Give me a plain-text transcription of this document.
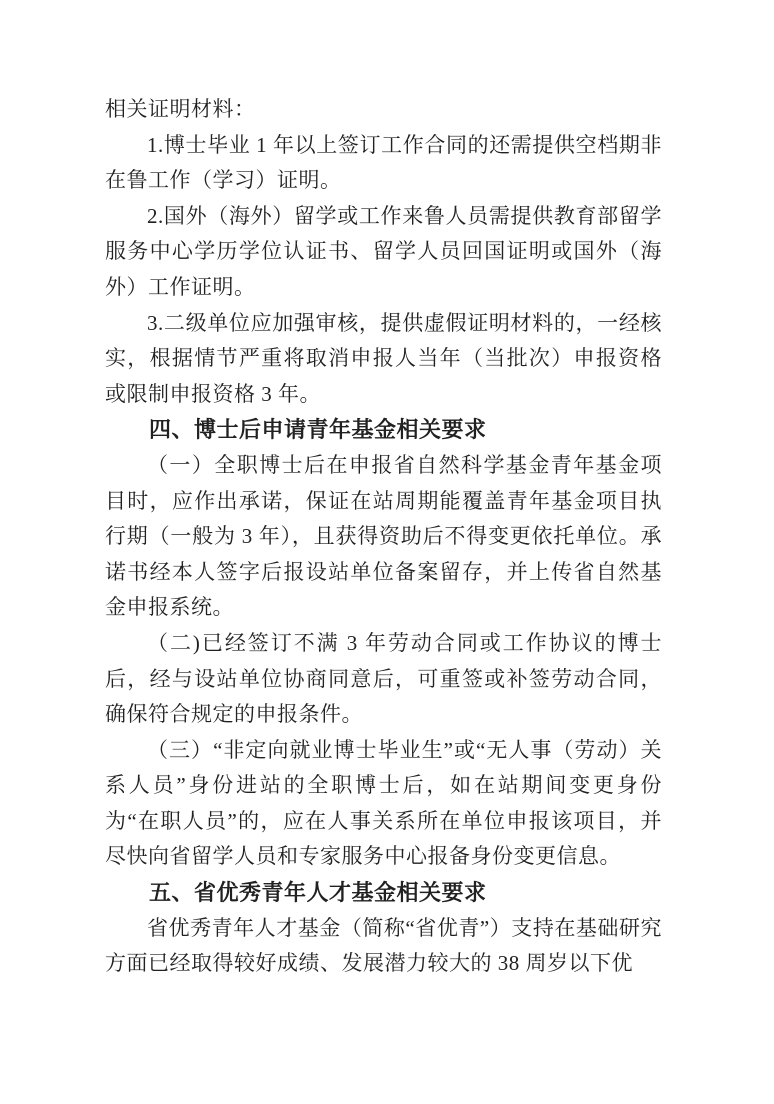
相关证明材料：

1.博士毕业 1 年以上签订工作合同的还需提供空档期非在鲁工作（学习）证明。

2.国外（海外）留学或工作来鲁人员需提供教育部留学服务中心学历学位认证书、留学人员回国证明或国外（海外）工作证明。

3.二级单位应加强审核，提供虚假证明材料的，一经核实，根据情节严重将取消申报人当年（当批次）申报资格或限制申报资格 3 年。

四、博士后申请青年基金相关要求

（一）全职博士后在申报省自然科学基金青年基金项目时，应作出承诺，保证在站周期能覆盖青年基金项目执行期（一般为 3 年），且获得资助后不得变更依托单位。承诺书经本人签字后报设站单位备案留存，并上传省自然基金申报系统。

（二)已经签订不满 3 年劳动合同或工作协议的博士后，经与设站单位协商同意后，可重签或补签劳动合同，确保符合规定的申报条件。

（三）“非定向就业博士毕业生”或“无人事（劳动）关系人员”身份进站的全职博士后，如在站期间变更身份为“在职人员”的，应在人事关系所在单位申报该项目，并尽快向省留学人员和专家服务中心报备身份变更信息。

五、省优秀青年人才基金相关要求

省优秀青年人才基金（简称“省优青”）支持在基础研究方面已经取得较好成绩、发展潜力较大的 38 周岁以下优
